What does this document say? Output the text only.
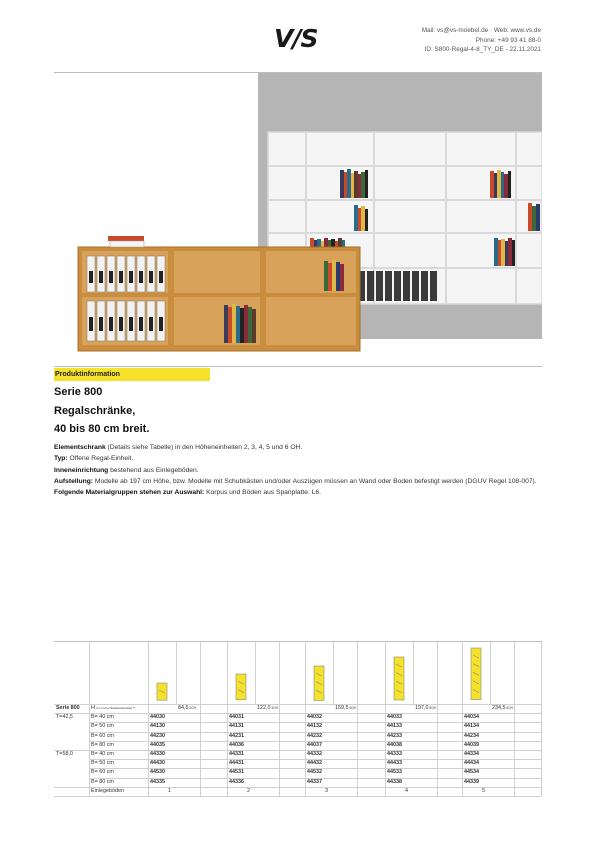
V/S	Mail: vs@vs-moebel.de · Web: www.vs.de
Phone: +49 93 41 88-0
ID: S800-Regal-4-8_TY_DE - 22.11.2021
Produktinformation
Serie 800
Regalschränke,
40 bis 80 cm breit.
Elementschrank (Details siehe Tabelle) in den Höheneinheiten 2, 3, 4, 5 und 6 OH.
Typ: Offene Regal-Einheit.
Inneneinrichtung bestehend aus Einlegeböden.
Aufstellung: Modelle ab 197 cm Höhe, bzw. Modelle mit Schubkästen und/oder Auszügen müssen an Wand oder Boden befestigt werden (DGUV Regel 108-007).
Folgende Materialgruppen stehen zur Auswahl: Korpus und Böden aus Spanplatte: L6.
Serie 800 H (in cm bei Standardsockel) **	84,5 2OH	122,0 3OH	159,5 4OH	197,0 5OH	234,5 6OH
T=42,5	B= 40 cm	44030	44031	44032	44033	44034
B= 50 cm	44130	44131	44132	44133	44134
B= 60 cm	44230	44231	44232	44233	44234
B= 80 cm	44035	44036	44037	44038	44039
T=58,0	B= 40 cm	44330	44331	44332	44333	44334
B= 50 cm	44430	44431	44432	44433	44434
B= 60 cm	44530	44531	44532	44533	44534
B= 80 cm	44335	44336	44337	44338	44339
Einlegeböden	1	2	3	4	5
